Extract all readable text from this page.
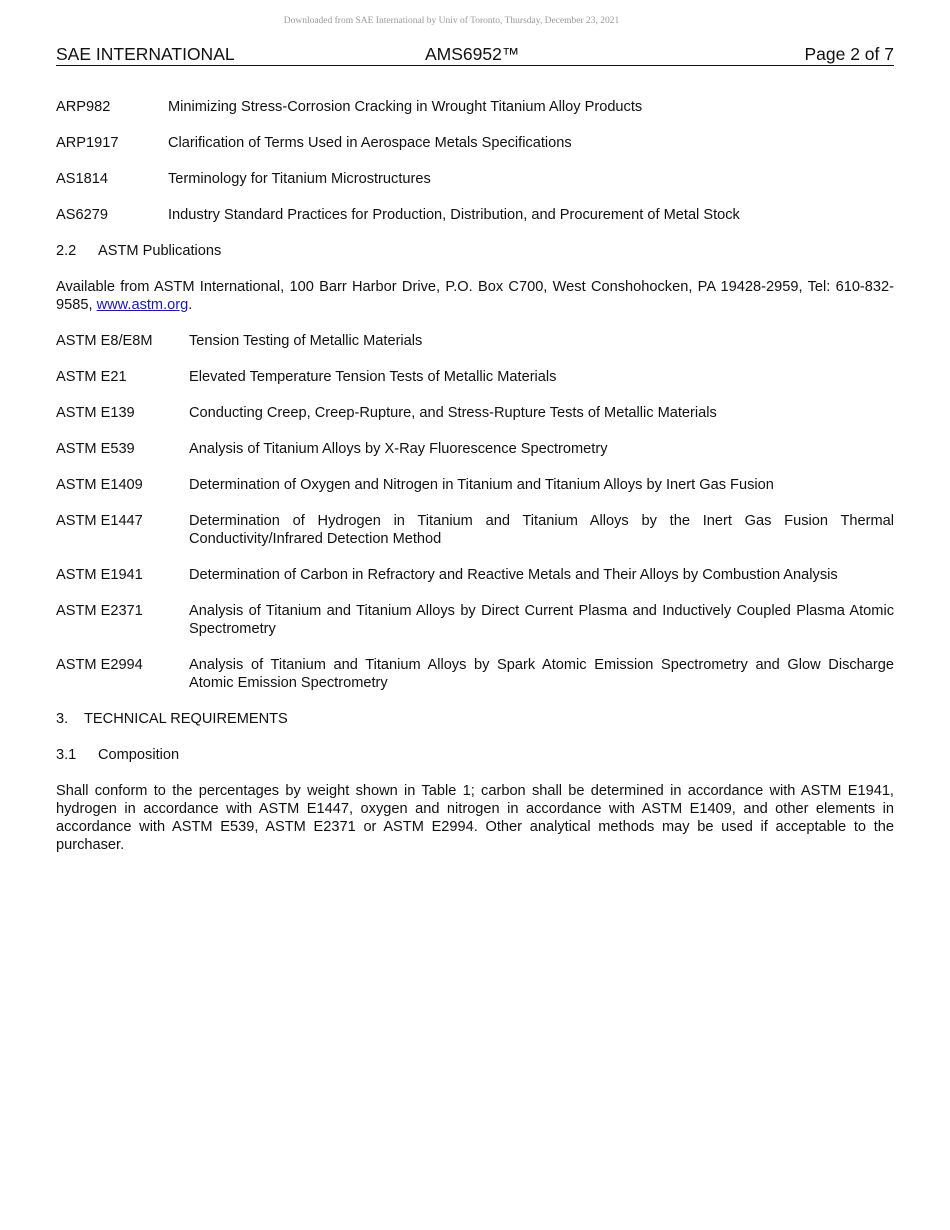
Downloaded from SAE International by Univ of Toronto, Thursday, December 23, 2021
SAE INTERNATIONAL	AMS6952™	Page 2 of 7
ARP982	Minimizing Stress-Corrosion Cracking in Wrought Titanium Alloy Products
ARP1917	Clarification of Terms Used in Aerospace Metals Specifications
AS1814	Terminology for Titanium Microstructures
AS6279	Industry Standard Practices for Production, Distribution, and Procurement of Metal Stock
2.2 ASTM Publications
Available from ASTM International, 100 Barr Harbor Drive, P.O. Box C700, West Conshohocken, PA 19428-2959, Tel: 610-832-9585, www.astm.org.
ASTM E8/E8M	Tension Testing of Metallic Materials
ASTM E21	Elevated Temperature Tension Tests of Metallic Materials
ASTM E139	Conducting Creep, Creep-Rupture, and Stress-Rupture Tests of Metallic Materials
ASTM E539	Analysis of Titanium Alloys by X-Ray Fluorescence Spectrometry
ASTM E1409	Determination of Oxygen and Nitrogen in Titanium and Titanium Alloys by Inert Gas Fusion
ASTM E1447	Determination of Hydrogen in Titanium and Titanium Alloys by the Inert Gas Fusion Thermal Conductivity/Infrared Detection Method
ASTM E1941	Determination of Carbon in Refractory and Reactive Metals and Their Alloys by Combustion Analysis
ASTM E2371	Analysis of Titanium and Titanium Alloys by Direct Current Plasma and Inductively Coupled Plasma Atomic Spectrometry
ASTM E2994	Analysis of Titanium and Titanium Alloys by Spark Atomic Emission Spectrometry and Glow Discharge Atomic Emission Spectrometry
3. TECHNICAL REQUIREMENTS
3.1 Composition
Shall conform to the percentages by weight shown in Table 1; carbon shall be determined in accordance with ASTM E1941, hydrogen in accordance with ASTM E1447, oxygen and nitrogen in accordance with ASTM E1409, and other elements in accordance with ASTM E539, ASTM E2371 or ASTM E2994. Other analytical methods may be used if acceptable to the purchaser.
